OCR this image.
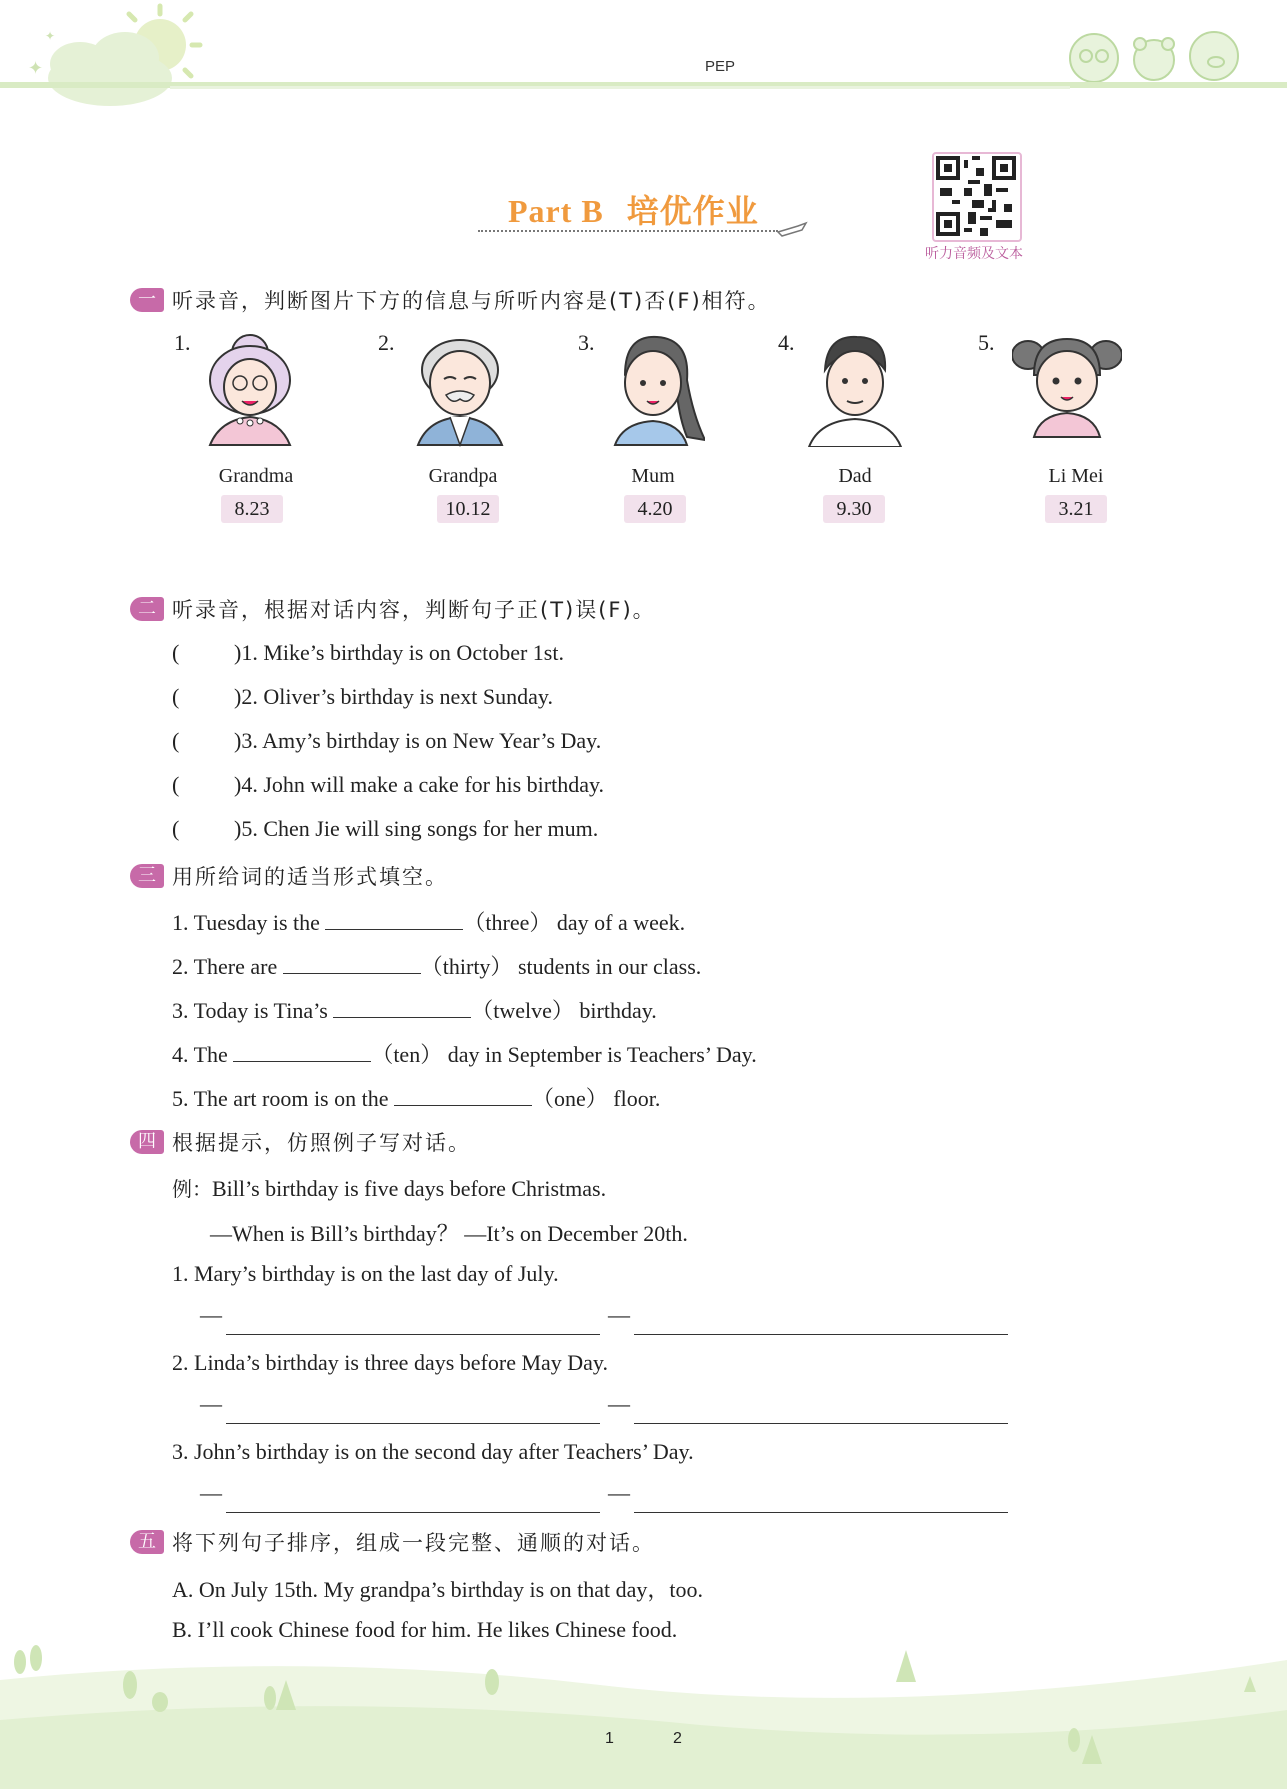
✦
✦
PEP
Part B 培优作业
听力音频及文本
一 听录音，判断图片下方的信息与所听内容是(T)否(F)相符。
1.	2.	3.	4.	5.
Grandma	Grandpa	Mum	Dad	Li Mei
8.23	10.12	4.20	9.30	3.21
二 听录音，根据对话内容，判断句子正(T)误(F)。
( )1. Mike’s birthday is on October 1st.
( )2. Oliver’s birthday is next Sunday.
( )3. Amy’s birthday is on New Year’s Day.
( )4. John will make a cake for his birthday.
( )5. Chen Jie will sing songs for her mum.
三 用所给词的适当形式填空。
1. Tuesday is the	（three） day of a week.
2. There are	（thirty） students in our class.
3. Today is Tina’s	（twelve） birthday.
4. The	（ten） day in September is Teachers’ Day.
5. The art room is on the	（one） floor.
四 根据提示，仿照例子写对话。
例：Bill’s birthday is five days before Christmas.
—When is Bill’s birthday？ —It’s on December 20th.
1. Mary’s birthday is on the last day of July.
—	—
2. Linda’s birthday is three days before May Day.
—	—
3. John’s birthday is on the second day after Teachers’ Day.
—	—
五 将下列句子排序，组成一段完整、通顺的对话。
A. On July 15th. My grandpa’s birthday is on that day，too.
B. I’ll cook Chinese food for him. He likes Chinese food.
1	2
